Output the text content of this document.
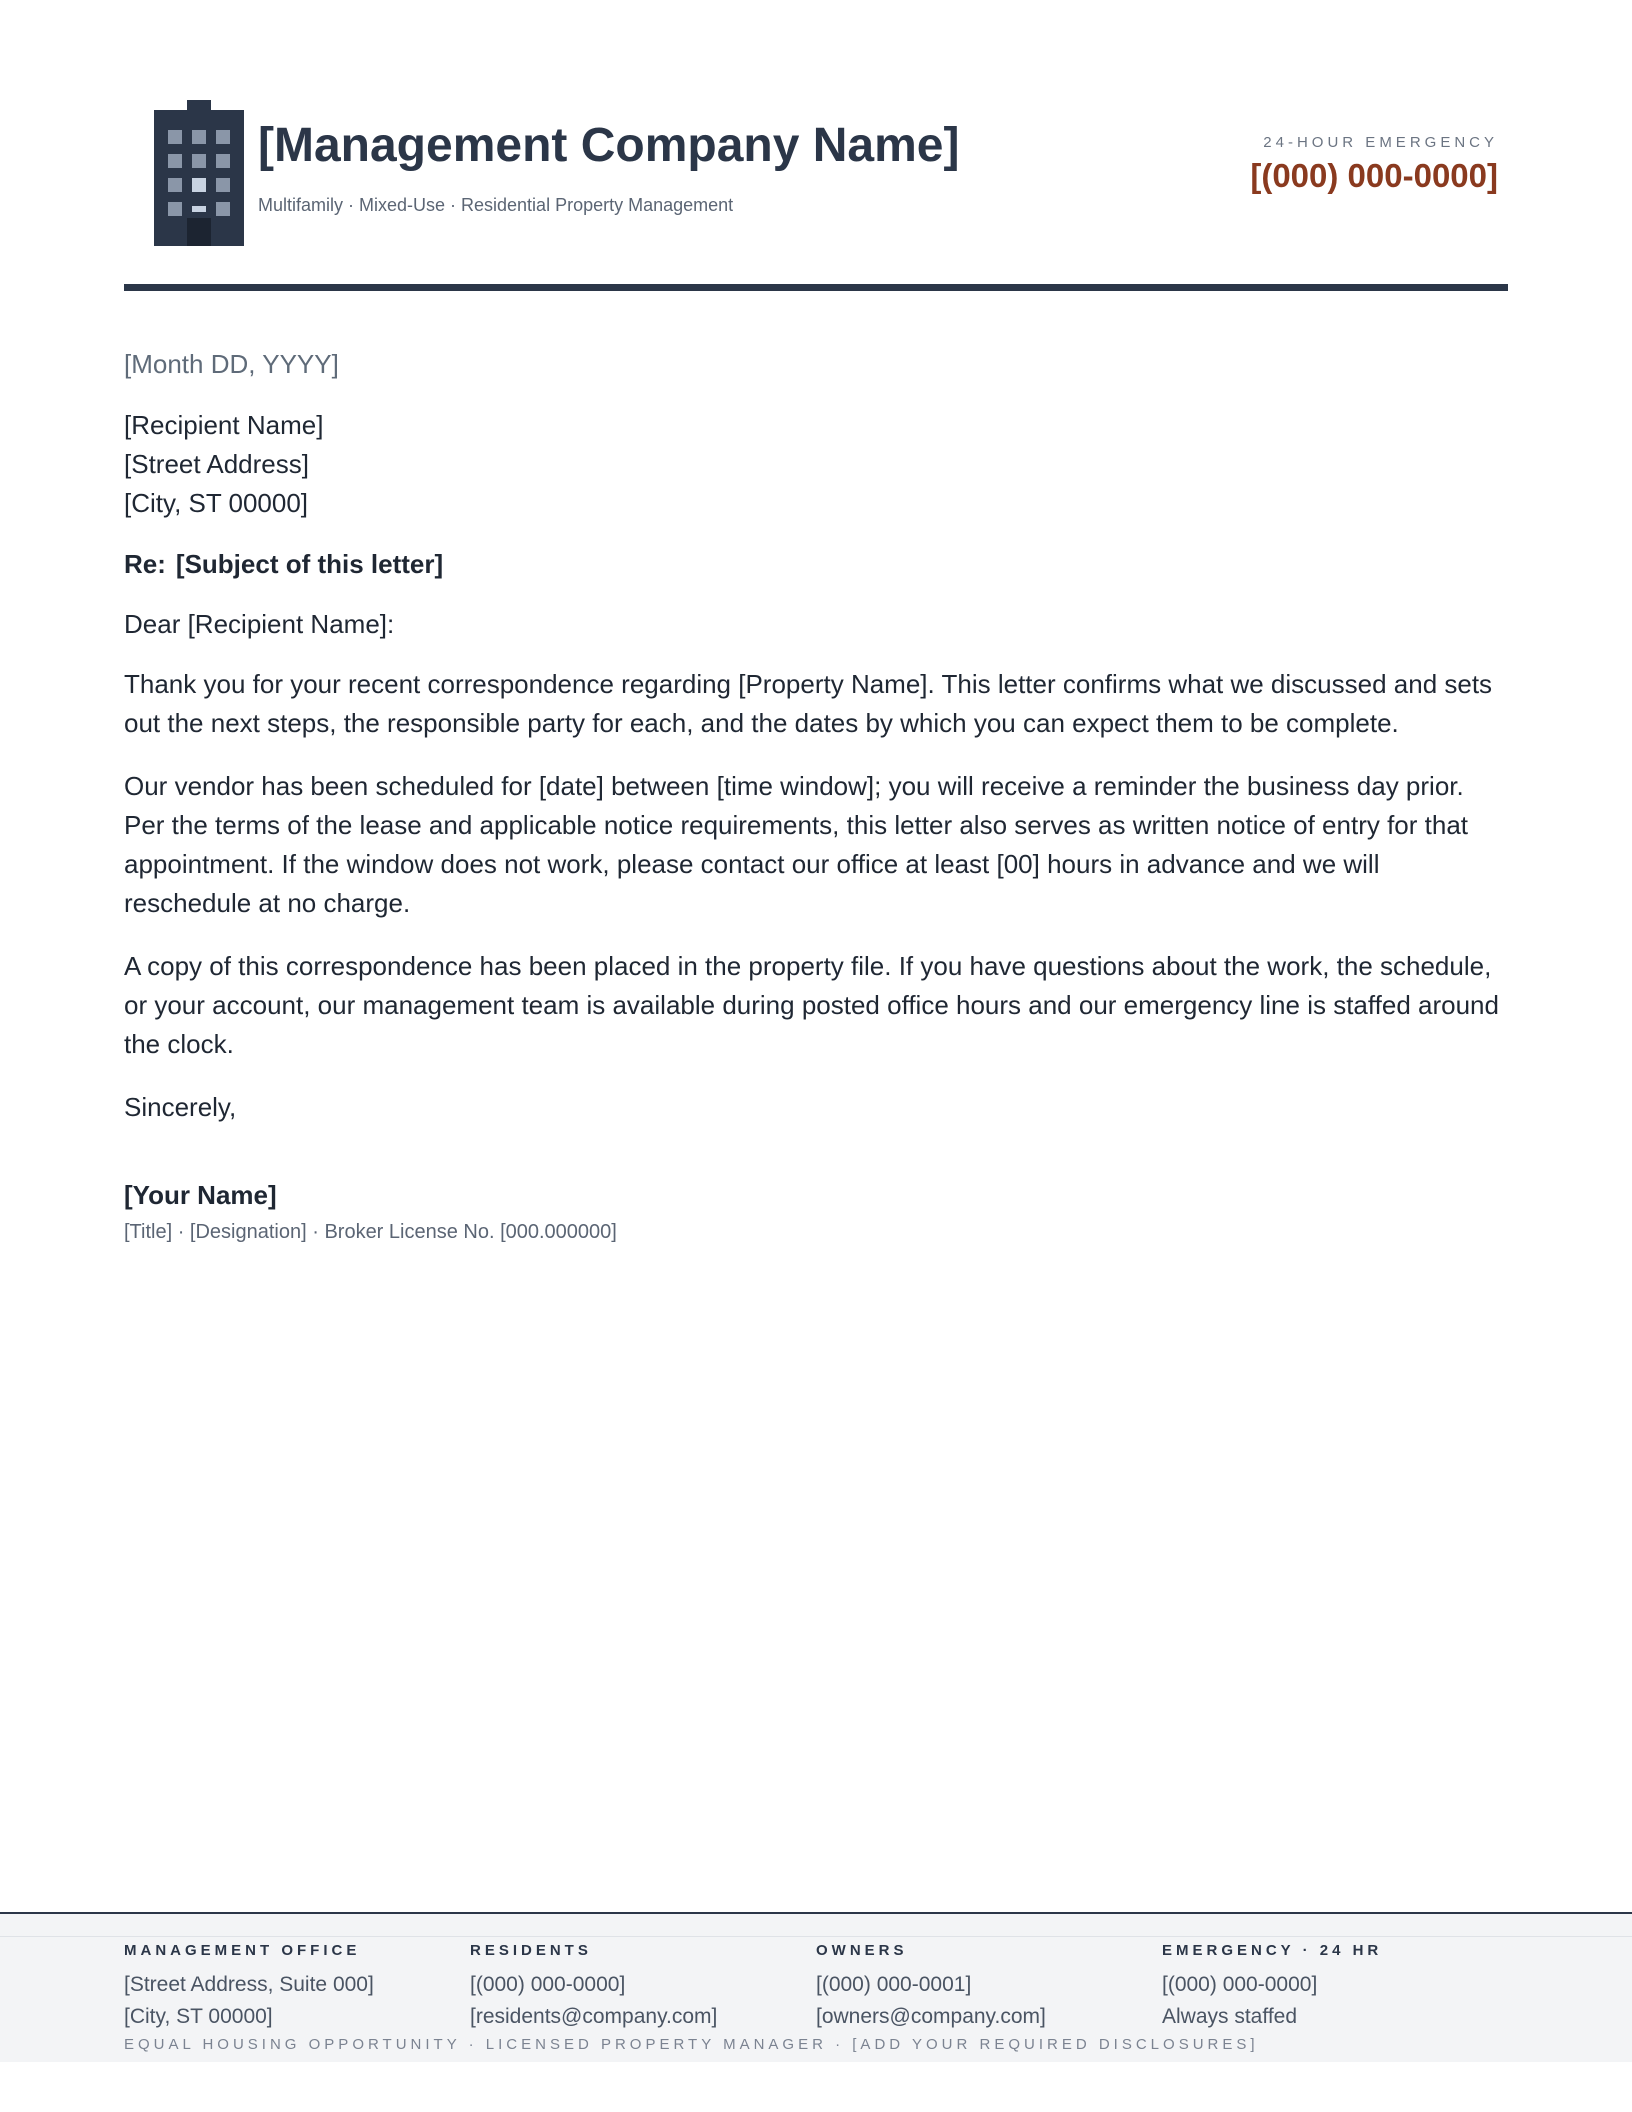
[Management Company Name]
Multifamily · Mixed-Use · Residential Property Management
24-HOUR EMERGENCY
[(000) 000-0000]
[Month DD, YYYY]
[Recipient Name]
[Street Address]
[City, ST 00000]
Re: [Subject of this letter]
Dear [Recipient Name]:
Thank you for your recent correspondence regarding [Property Name]. This letter confirms what we discussed and sets out the next steps, the responsible party for each, and the dates by which you can expect them to be complete.
Our vendor has been scheduled for [date] between [time window]; you will receive a reminder the business day prior. Per the terms of the lease and applicable notice requirements, this letter also serves as written notice of entry for that appointment. If the window does not work, please contact our office at least [00] hours in advance and we will reschedule at no charge.
A copy of this correspondence has been placed in the property file. If you have questions about the work, the schedule, or your account, our management team is available during posted office hours and our emergency line is staffed around the clock.
Sincerely,
[Your Name]
[Title] · [Designation] · Broker License No. [000.000000]
MANAGEMENT OFFICE
[Street Address, Suite 000]
[City, ST 00000]
RESIDENTS
[(000) 000-0000]
[residents@company.com]
OWNERS
[(000) 000-0001]
[owners@company.com]
EMERGENCY · 24 HR
[(000) 000-0000]
Always staffed
EQUAL HOUSING OPPORTUNITY · LICENSED PROPERTY MANAGER · [ADD YOUR REQUIRED DISCLOSURES]
